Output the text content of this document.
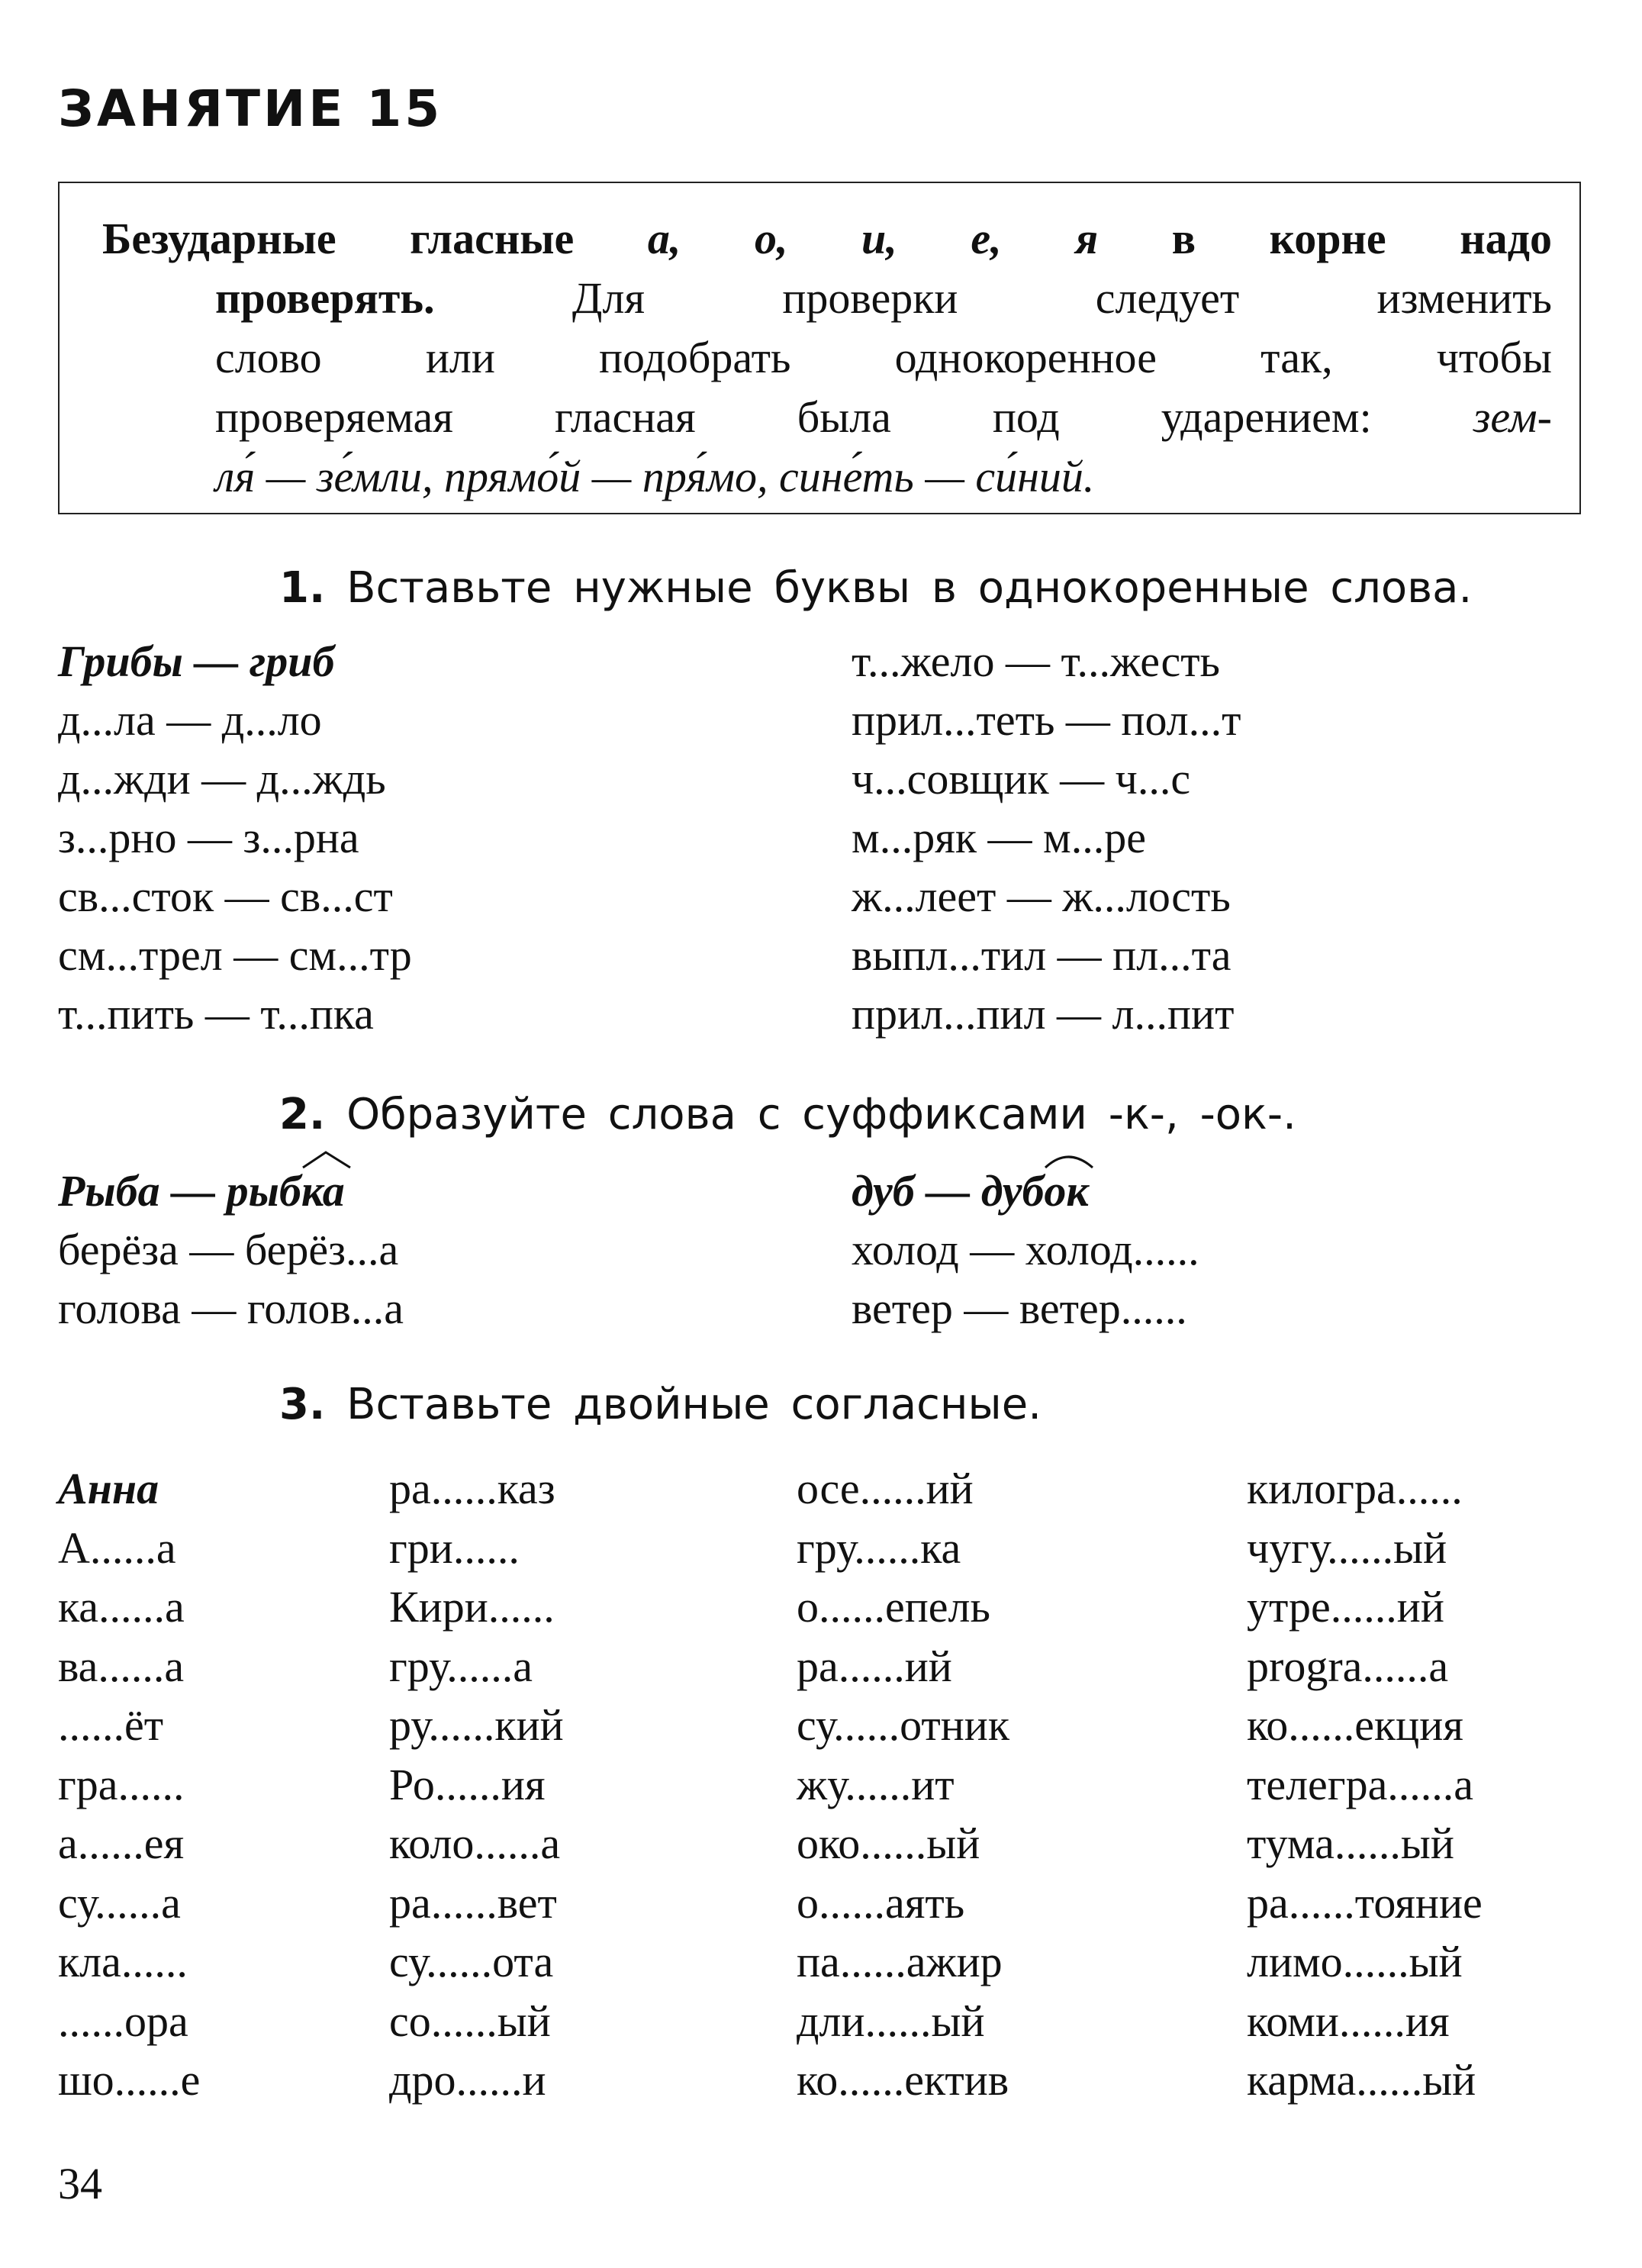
ЗАНЯТИЕ 15
Безударные гласные а, о, и, е, я в корне надо
проверять.	Для проверки следует изменить
слово или подобрать однокоренное так, чтобы
проверяемая гласная была под ударением: зем-
ля́ — зе́мли, прямо́й — пря́мо, сине́ть — си́ний.
1. Вставьте нужные буквы в однокоренные слова.
Грибы — гриб
д...ла — д...ло
д...жди — д...ждь
з...рно — з...рна
св...сток — св...ст
см...трел — см...тр
т...пить — т...пка
т...жело — т...жесть
прил...теть — пол...т
ч...совщик — ч...с
м...ряк — м...ре
ж...леет — ж...лость
выпл...тил — пл...та
прил...пил — л...пит
2. Образуйте слова с суффиксами -к-, -ок-.
Рыба — рыб
ка
берёза — берёз...а
голова — голов...а
дуб — дуб
ок
холод — холод......
ветер — ветер......
3. Вставьте двойные согласные.
Анна
А......а
ка......а
ва......а
......ёт
гра......
а......ея
су......а
кла......
......ора
шо......е
ра......каз
гри......
Кири......
гру......а
ру......кий
Ро......ия
коло......а
ра......вет
су......ота
со......ый
дро......и
осе......ий
гру......ка
о......епель
ра......ий
су......отник
жу......ит
око......ый
о......аять
па......ажир
дли......ый
ко......ектив
килогра......
чугу......ый
утре......ий
progra......а
ко......екция
телегра......а
тума......ый
ра......тояние
лимо......ый
коми......ия
карма......ый
34
